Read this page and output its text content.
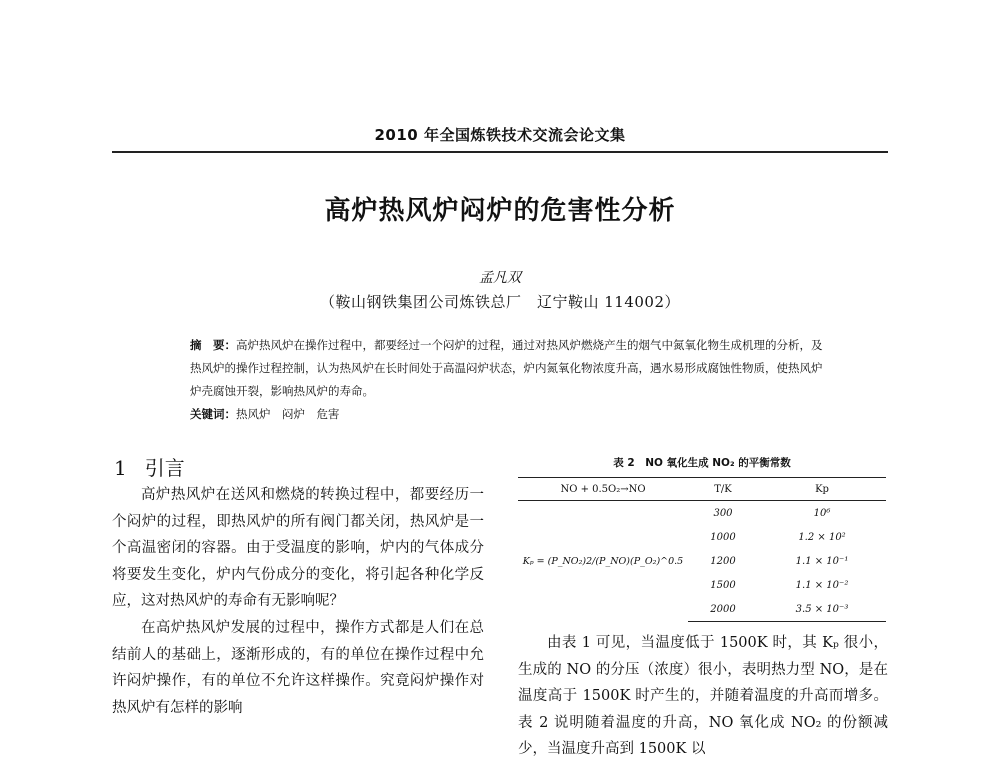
2010 年全国炼铁技术交流会论文集
高炉热风炉闷炉的危害性分析
孟凡双
（鞍山钢铁集团公司炼铁总厂　辽宁鞍山 114002）

摘　要：高炉热风炉在操作过程中，都要经过一个闷炉的过程，通过对热风炉燃烧产生的烟气中氮氧化物生成机理的分析，及热风炉的操作过程控制，认为热风炉在长时间处于高温闷炉状态，炉内氮氧化物浓度升高，遇水易形成腐蚀性物质，使热风炉炉壳腐蚀开裂，影响热风炉的寿命。

关键词：热风炉　闷炉　危害

1 引言

高炉热风炉在送风和燃烧的转换过程中，都要经历一个闷炉的过程，即热风炉的所有阀门都关闭，热风炉是一个高温密闭的容器。由于受温度的影响，炉内的气体成分将要发生变化，炉内气份成分的变化，将引起各种化学反应，这对热风炉的寿命有无影响呢？

在高炉热风炉发展的过程中，操作方式都是人们在总结前人的基础上，逐渐形成的，有的单位在操作过程中允许闷炉操作，有的单位不允许这样操作。究竟闷炉操作对热风炉有怎样的影响

表 2　NO 氧化生成 NO₂ 的平衡常数
NO + 0.5O₂→NO	T/K	Kp
Kₚ = (P_NO₂)2/(P_NO)(P_O₂)^0.5	300	10⁶
	1000	1.2 × 10²
	1200	1.1 × 10⁻¹
	1500	1.1 × 10⁻²
	2000	3.5 × 10⁻³

由表 1 可见，当温度低于 1500K 时，其 Kₚ 很小，生成的 NO 的分压（浓度）很小，表明热力型 NO，是在温度高于 1500K 时产生的，并随着温度的升高而增多。表 2 说明随着温度的升高，NO 氧化成 NO₂ 的份额减少，当温度升高到 1500K 以
